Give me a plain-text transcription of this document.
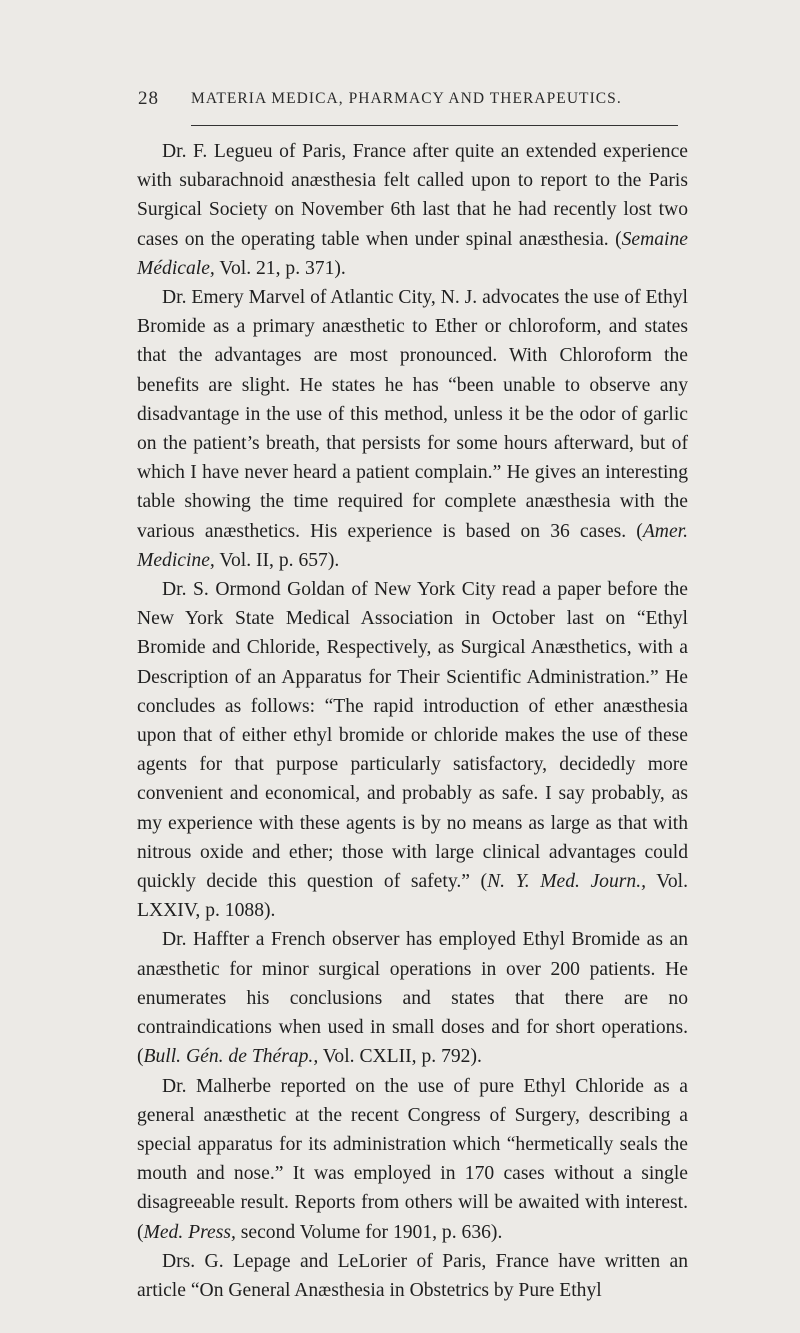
28 MATERIA MEDICA, PHARMACY AND THERAPEUTICS.

Dr. F. Legueu of Paris, France after quite an extended experience with subarachnoid anæsthesia felt called upon to report to the Paris Surgical Society on November 6th last that he had recently lost two cases on the operating table when under spinal anæsthesia. (Semaine Médicale, Vol. 21, p. 371).

Dr. Emery Marvel of Atlantic City, N. J. advocates the use of Ethyl Bromide as a primary anæsthetic to Ether or chloroform, and states that the advantages are most pronounced. With Chloroform the benefits are slight. He states he has “been unable to observe any disadvantage in the use of this method, unless it be the odor of garlic on the patient’s breath, that persists for some hours afterward, but of which I have never heard a patient complain.” He gives an interesting table showing the time required for complete anæsthesia with the various anæsthetics. His experience is based on 36 cases. (Amer. Medicine, Vol. II, p. 657).

Dr. S. Ormond Goldan of New York City read a paper before the New York State Medical Association in October last on “Ethyl Bromide and Chloride, Respectively, as Surgical Anæsthetics, with a Description of an Apparatus for Their Scientific Administration.” He concludes as follows: “The rapid introduction of ether anæsthesia upon that of either ethyl bromide or chloride makes the use of these agents for that purpose particularly satisfactory, decidedly more convenient and economical, and probably as safe. I say probably, as my experience with these agents is by no means as large as that with nitrous oxide and ether; those with large clinical advantages could quickly decide this question of safety.” (N. Y. Med. Journ., Vol. LXXIV, p. 1088).

Dr. Haffter a French observer has employed Ethyl Bromide as an anæsthetic for minor surgical operations in over 200 patients. He enumerates his conclusions and states that there are no contraindications when used in small doses and for short operations. (Bull. Gén. de Thérap., Vol. CXLII, p. 792).

Dr. Malherbe reported on the use of pure Ethyl Chloride as a general anæsthetic at the recent Congress of Surgery, describing a special apparatus for its administration which “hermetically seals the mouth and nose.” It was employed in 170 cases without a single disagreeable result. Reports from others will be awaited with interest. (Med. Press, second Volume for 1901, p. 636).

Drs. G. Lepage and LeLorier of Paris, France have written an article “On General Anæsthesia in Obstetrics by Pure Ethyl
